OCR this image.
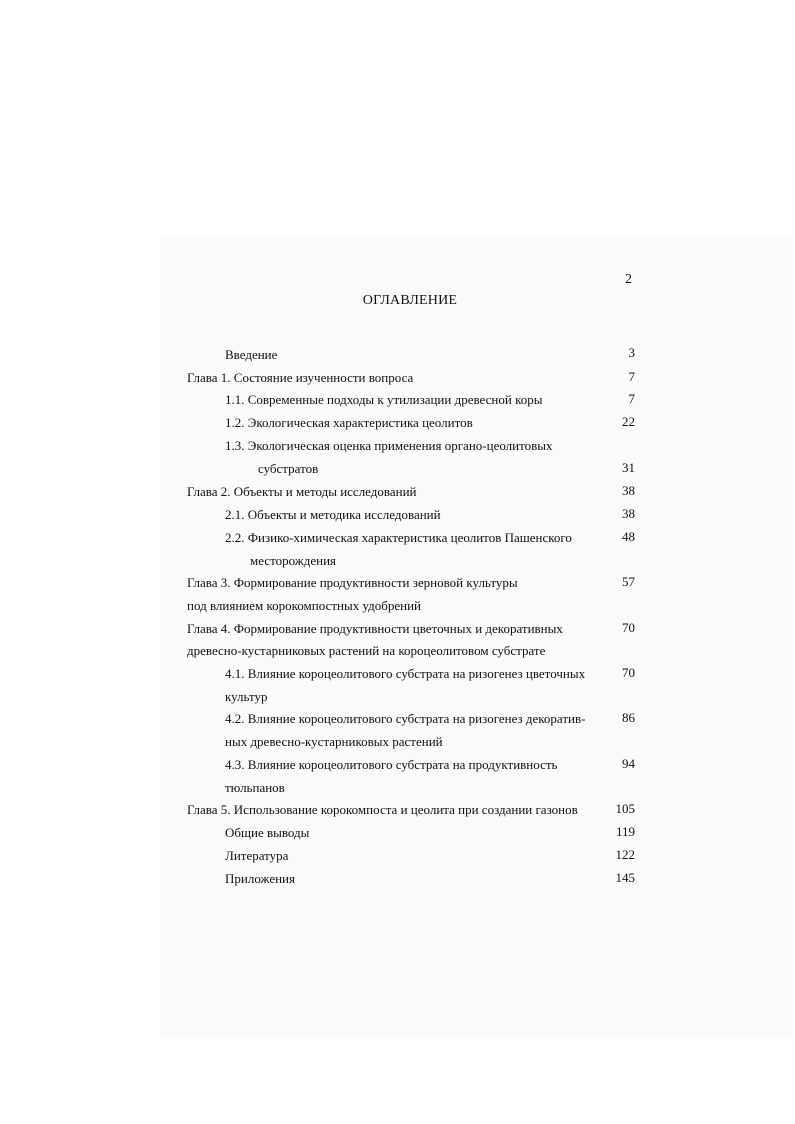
2
ОГЛАВЛЕНИЕ
Введение	3
Глава 1. Состояние изученности вопроса	7
1.1. Современные подходы к утилизации древесной коры	7
1.2. Экологическая характеристика цеолитов	22
1.3. Экологическая оценка применения органо-цеолитовых
субстратов	31
Глава 2. Объекты и методы исследований	38
2.1. Объекты и методика исследований	38
2.2. Физико-химическая характеристика цеолитов Пашенского	48
месторождения
Глава 3. Формирование продуктивности зерновой культуры	57
под влиянием корокомпостных удобрений
Глава 4. Формирование продуктивности цветочных и декоративных	70
древесно-кустарниковых растений на короцеолитовом субстрате
4.1. Влияние короцеолитового субстрата на ризогенез цветочных	70
культур
4.2. Влияние короцеолитового субстрата на ризогенез декоратив-	86
ных древесно-кустарниковых растений
4.3. Влияние короцеолитового субстрата на продуктивность	94
тюльпанов
Глава 5. Использование корокомпоста и цеолита при создании газонов	105
Общие выводы	119
Литература	122
Приложения	145
